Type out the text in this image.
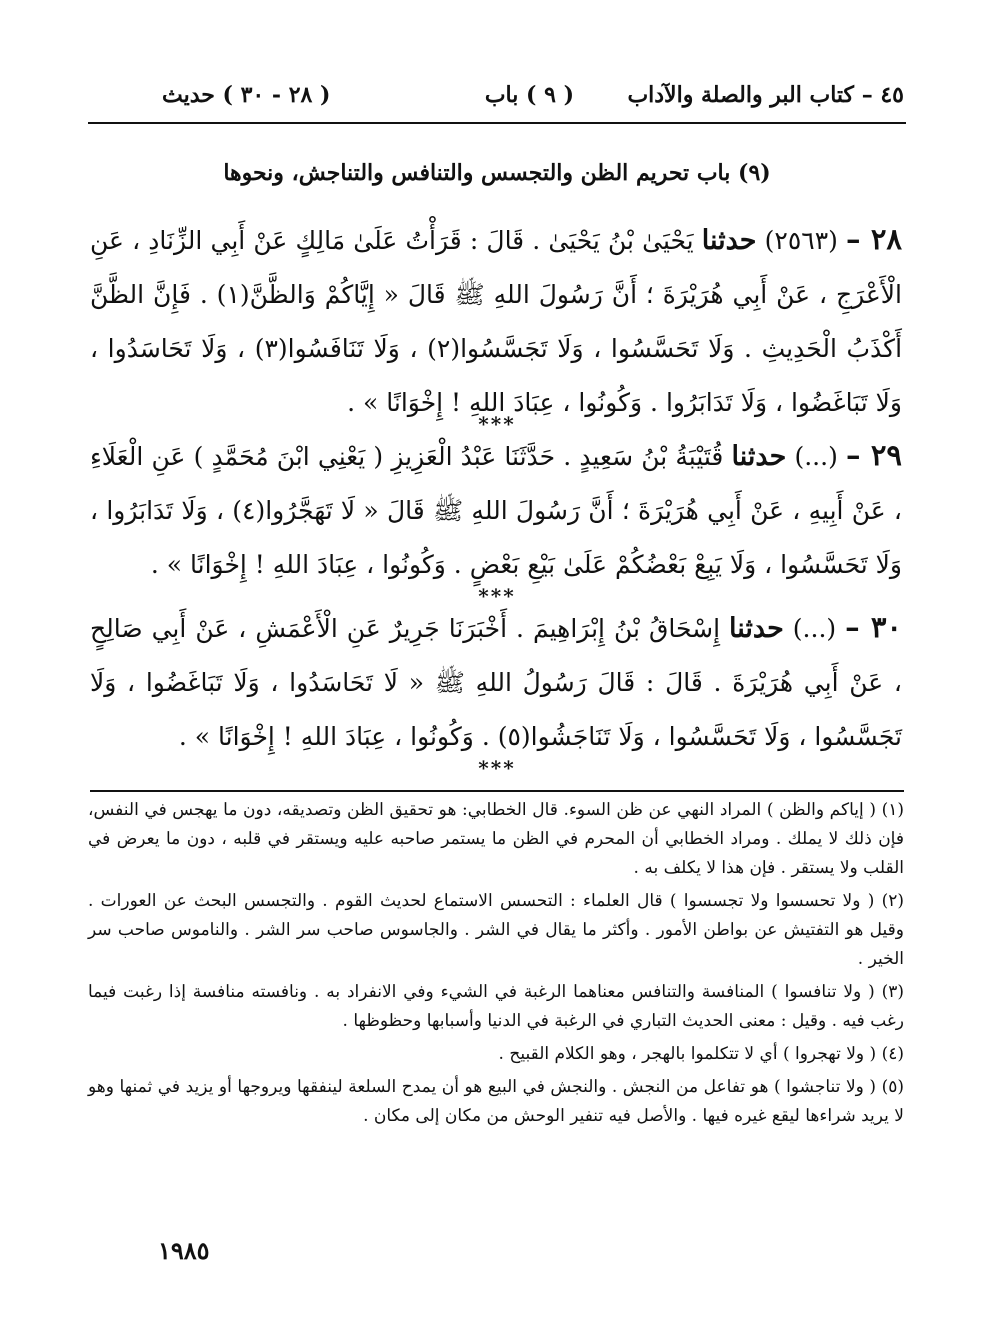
٤٥ – كتاب البر والصلة والآداب
( ٩ ) باب
( ٢٨ - ٣٠ ) حديث
(٩) باب تحريم الظن والتجسس والتنافس والتناجش، ونحوها
٢٨ – (٢٥٦٣) حدثنا يَحْيَىٰ بْنُ يَحْيَىٰ . قَالَ : قَرَأْتُ عَلَىٰ مَالِكٍ عَنْ أَبِي الزِّنَادِ ، عَنِ الْأَعْرَجِ ، عَنْ أَبِي هُرَيْرَةَ ؛ أَنَّ رَسُولَ اللهِ ﷺ قَالَ « إِيَّاكُمْ وَالظَّنَّ(١) . فَإِنَّ الظَّنَّ أَكْذَبُ الْحَدِيثِ . وَلَا تَحَسَّسُوا ، وَلَا تَجَسَّسُوا(٢) ، وَلَا تَنَافَسُوا(٣) ، وَلَا تَحَاسَدُوا ، وَلَا تَبَاغَضُوا ، وَلَا تَدَابَرُوا . وَكُونُوا ، عِبَادَ اللهِ ! إِخْوَانًا » .
***
٢٩ – (...) حدثنا قُتَيْبَةُ بْنُ سَعِيدٍ . حَدَّثَنَا عَبْدُ الْعَزِيزِ ( يَعْنِي ابْنَ مُحَمَّدٍ ) عَنِ الْعَلَاءِ ، عَنْ أَبِيهِ ، عَنْ أَبِي هُرَيْرَةَ ؛ أَنَّ رَسُولَ اللهِ ﷺ قَالَ « لَا تَهَجَّرُوا(٤) ، وَلَا تَدَابَرُوا ، وَلَا تَحَسَّسُوا ، وَلَا يَبِعْ بَعْضُكُمْ عَلَىٰ بَيْعِ بَعْضٍ . وَكُونُوا ، عِبَادَ اللهِ ! إِخْوَانًا » .
***
٣٠ – (...) حدثنا إِسْحَاقُ بْنُ إِبْرَاهِيمَ . أَخْبَرَنَا جَرِيرٌ عَنِ الْأَعْمَشِ ، عَنْ أَبِي صَالِحٍ ، عَنْ أَبِي هُرَيْرَةَ . قَالَ : قَالَ رَسُولُ اللهِ ﷺ « لَا تَحَاسَدُوا ، وَلَا تَبَاغَضُوا ، وَلَا تَجَسَّسُوا ، وَلَا تَحَسَّسُوا ، وَلَا تَنَاجَشُوا(٥) . وَكُونُوا ، عِبَادَ اللهِ ! إِخْوَانًا » .
***

(١) ( إياكم والظن ) المراد النهي عن ظن السوء. قال الخطابي: هو تحقيق الظن وتصديقه، دون ما يهجس في النفس، فإن ذلك لا يملك . ومراد الخطابي أن المحرم في الظن ما يستمر صاحبه عليه ويستقر في قلبه ، دون ما يعرض في القلب ولا يستقر . فإن هذا لا يكلف به .

(٢) ( ولا تحسسوا ولا تجسسوا ) قال العلماء : التحسس الاستماع لحديث القوم . والتجسس البحث عن العورات . وقيل هو التفتيش عن بواطن الأمور . وأكثر ما يقال في الشر . والجاسوس صاحب سر الشر . والناموس صاحب سر الخير .

(٣) ( ولا تنافسوا ) المنافسة والتنافس معناهما الرغبة في الشيء وفي الانفراد به . ونافسته منافسة إذا رغبت فيما رغب فيه . وقيل : معنى الحديث التباري في الرغبة في الدنيا وأسبابها وحظوظها .

(٤) ( ولا تهجروا ) أي لا تتكلموا بالهجر ، وهو الكلام القبيح .

(٥) ( ولا تناجشوا ) هو تفاعل من النجش . والنجش في البيع هو أن يمدح السلعة لينفقها ويروجها أو يزيد في ثمنها وهو لا يريد شراءها ليقع غيره فيها . والأصل فيه تنفير الوحش من مكان إلى مكان .

١٩٨٥
